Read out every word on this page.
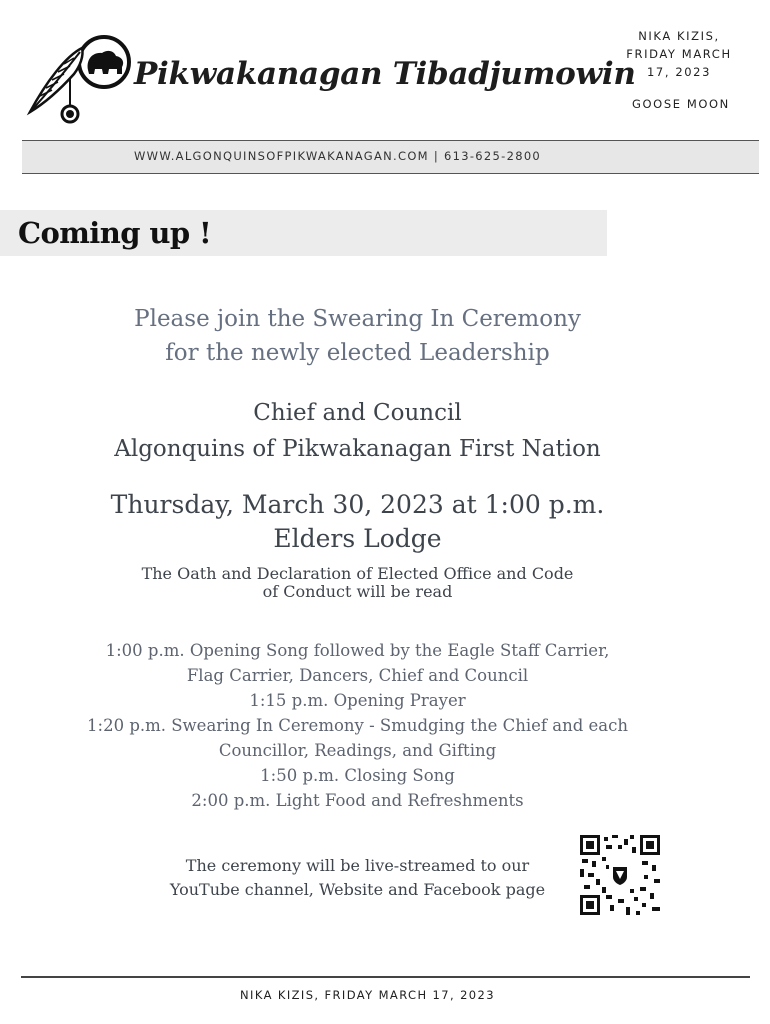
Pikwakanagan Tibadjumowin
NIKA KIZIS,
FRIDAY MARCH
17, 2023
GOOSE MOON
WWW.ALGONQUINSOFPIKWAKANAGAN.COM | 613-625-2800
Coming up !
Please join the Swearing In Ceremony
for the newly elected Leadership
Chief and Council
Algonquins of Pikwakanagan First Nation
Thursday, March 30, 2023 at 1:00 p.m.
Elders Lodge
The Oath and Declaration of Elected Office and Code
of Conduct will be read
1:00 p.m. Opening Song followed by the Eagle Staff Carrier,
Flag Carrier, Dancers, Chief and Council
1:15 p.m. Opening Prayer
1:20 p.m. Swearing In Ceremony - Smudging the Chief and each
Councillor, Readings, and Gifting
1:50 p.m. Closing Song
2:00 p.m. Light Food and Refreshments
The ceremony will be live-streamed to our
YouTube channel, Website and Facebook page
NIKA KIZIS, FRIDAY MARCH 17, 2023
